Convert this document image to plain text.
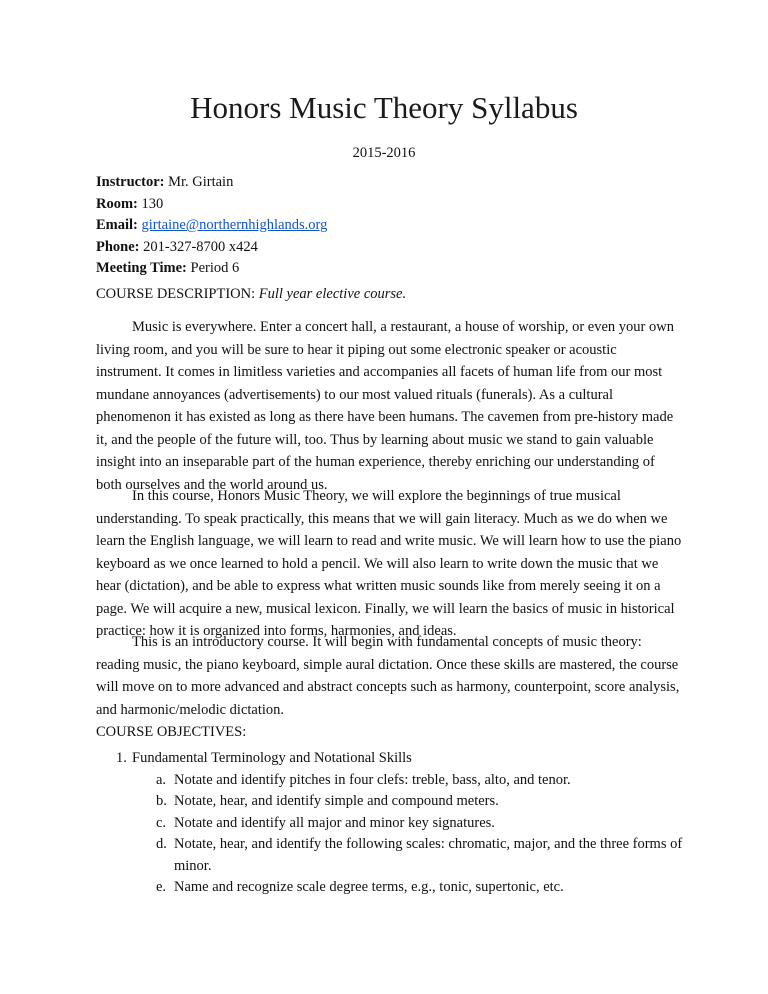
Honors Music Theory Syllabus
2015-2016
Instructor: Mr. Girtain
Room: 130
Email: girtaine@northernhighlands.org
Phone: 201-327-8700 x424
Meeting Time: Period 6
COURSE DESCRIPTION: Full year elective course.

Music is everywhere. Enter a concert hall, a restaurant, a house of worship, or even your own living room, and you will be sure to hear it piping out some electronic speaker or acoustic instrument. It comes in limitless varieties and accompanies all facets of human life from our most mundane annoyances (advertisements) to our most valued rituals (funerals). As a cultural phenomenon it has existed as long as there have been humans. The cavemen from pre-history made it, and the people of the future will, too. Thus by learning about music we stand to gain valuable insight into an inseparable part of the human experience, thereby enriching our understanding of both ourselves and the world around us.

In this course, Honors Music Theory, we will explore the beginnings of true musical understanding. To speak practically, this means that we will gain literacy. Much as we do when we learn the English language, we will learn to read and write music. We will learn how to use the piano keyboard as we once learned to hold a pencil. We will also learn to write down the music that we hear (dictation), and be able to express what written music sounds like from merely seeing it on a page. We will acquire a new, musical lexicon. Finally, we will learn the basics of music in historical practice: how it is organized into forms, harmonies, and ideas.

This is an introductory course. It will begin with fundamental concepts of music theory: reading music, the piano keyboard, simple aural dictation. Once these skills are mastered, the course will move on to more advanced and abstract concepts such as harmony, counterpoint, score analysis, and harmonic/melodic dictation.

COURSE OBJECTIVES:
1. Fundamental Terminology and Notational Skills
a. Notate and identify pitches in four clefs: treble, bass, alto, and tenor.
b. Notate, hear, and identify simple and compound meters.
c. Notate and identify all major and minor key signatures.
d. Notate, hear, and identify the following scales: chromatic, major, and the three forms of minor.
e. Name and recognize scale degree terms, e.g., tonic, supertonic, etc.
